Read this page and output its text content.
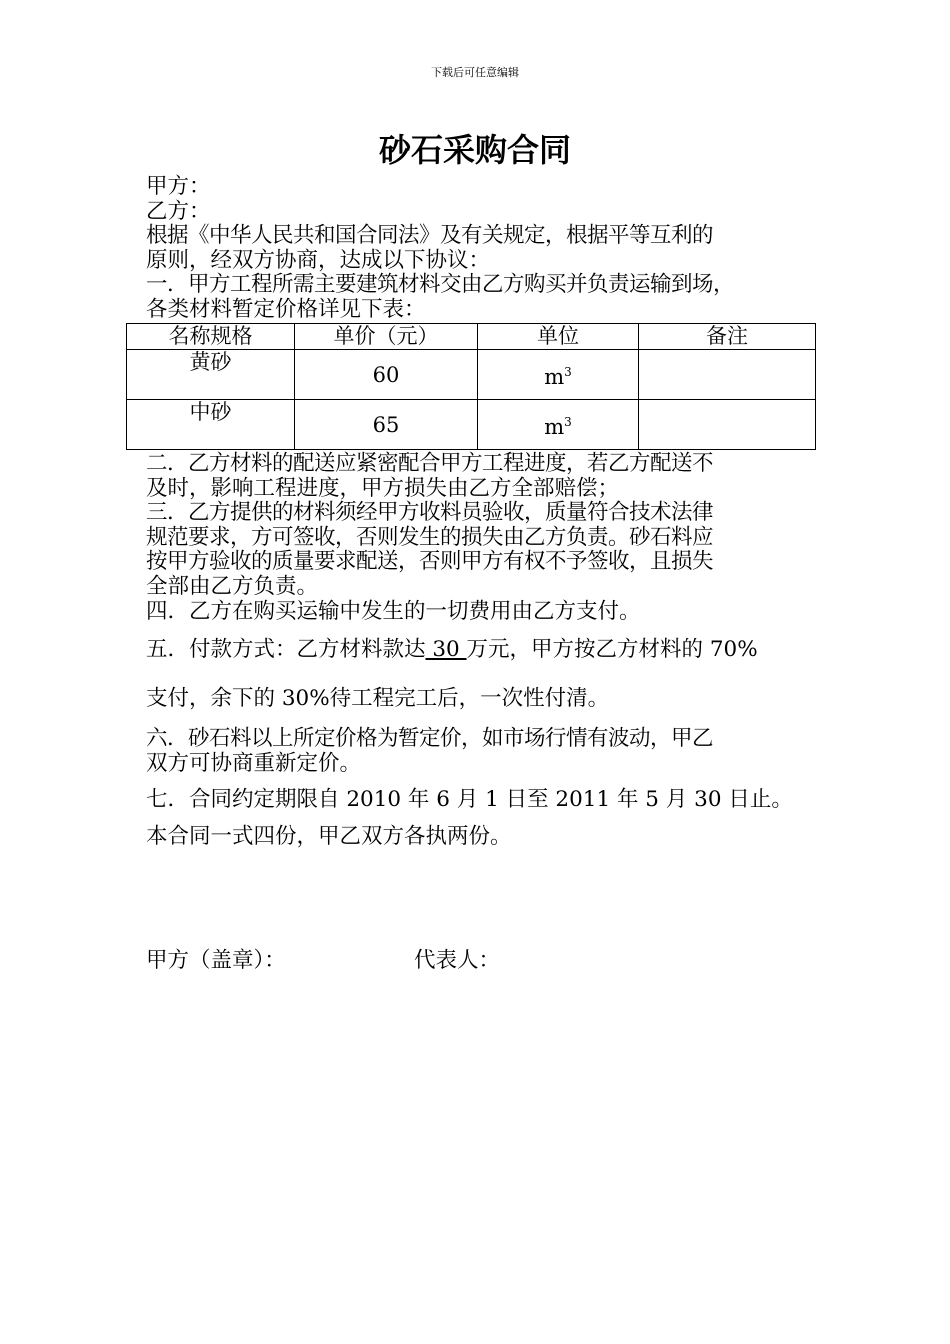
下载后可任意编辑
砂石采购合同
甲方：
乙方：
根据《中华人民共和国合同法》及有关规定，根据平等互利的
原则，经双方协商，达成以下协议：
一．甲方工程所需主要建筑材料交由乙方购买并负责运输到场，
各类材料暂定价格详见下表：
名称规格	单价（元）	单位	备注
黄砂	60	$m^3$	
中砂	65	$m^3$	
二．乙方材料的配送应紧密配合甲方工程进度，若乙方配送不
及时，影响工程进度，甲方损失由乙方全部赔偿；
三．乙方提供的材料须经甲方收料员验收，质量符合技术法律
规范要求，方可签收，否则发生的损失由乙方负责。砂石料应
按甲方验收的质量要求配送，否则甲方有权不予签收，且损失
全部由乙方负责。
四．乙方在购买运输中发生的一切费用由乙方支付。
五．付款方式：乙方材料款达 30 万元，甲方按乙方材料的 70%
支付，余下的 30%待工程完工后，一次性付清。
六．砂石料以上所定价格为暂定价，如市场行情有波动，甲乙
双方可协商重新定价。
七．合同约定期限自 2010 年 6 月 1 日至 2011 年 5 月 30 日止。
本合同一式四份，甲乙双方各执两份。
甲方（盖章）：	代表人：
